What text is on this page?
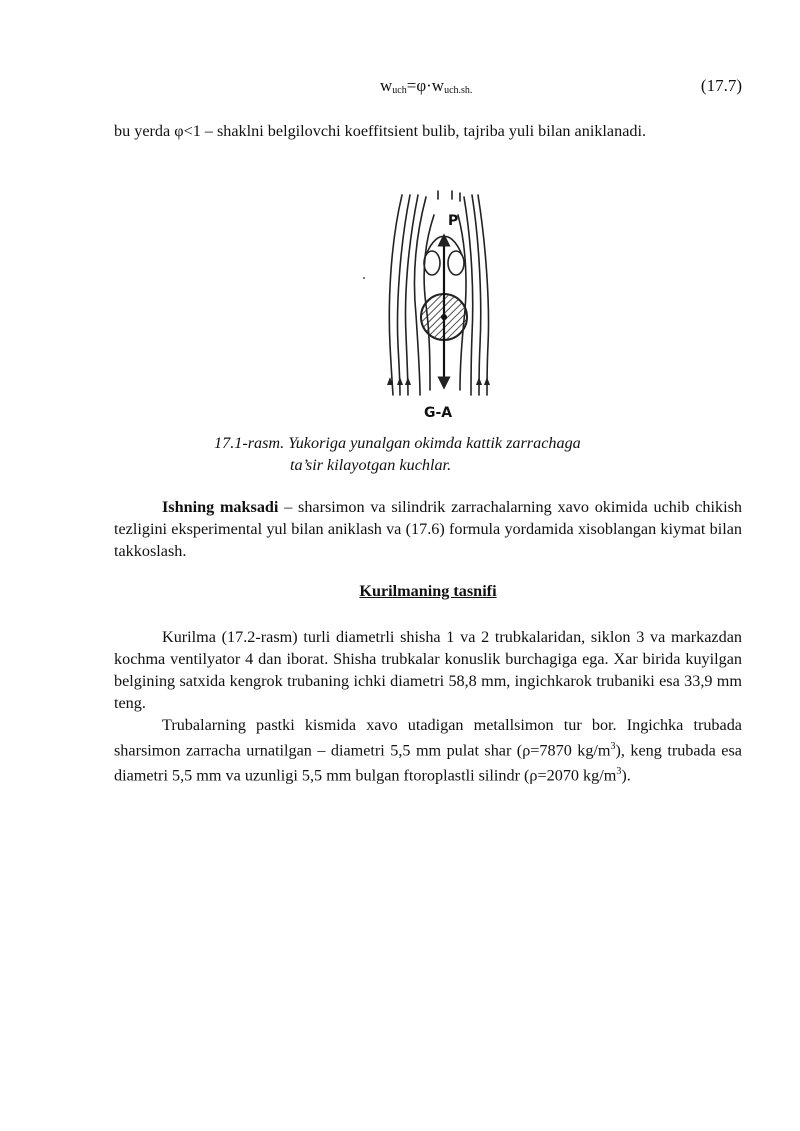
$w_{uch}=\varphi\cdot w_{uch.sh.}$	(17.7)
bu yerda φ<1 – shaklni belgilovchi koeffitsient bulib, tajriba yuli bilan aniklanadi.
P
G-A
17.1-rasm. Yukoriga yunalgan okimda kattik zarrachaga
ta’sir kilayotgan kuchlar.

Ishning maksadi – sharsimon va silindrik zarrachalarning xavo okimida uchib chikish tezligini eksperimental yul bilan aniklash va (17.6) formula yordamida xisoblangan kiymat bilan takkoslash.

Kurilmaning tasnifi

Kurilma (17.2-rasm) turli diametrli shisha 1 va 2 trubkalaridan, siklon 3 va markazdan kochma ventilyator 4 dan iborat. Shisha trubkalar konuslik burchagiga ega. Xar birida kuyilgan belgining satxida kengrok trubaning ichki diametri 58,8 mm, ingichkarok trubaniki esa 33,9 mm teng.

Trubalarning pastki kismida xavo utadigan metallsimon tur bor. Ingichka trubada sharsimon zarracha urnatilgan – diametri 5,5 mm pulat shar (ρ=7870 $kg/m^3$), keng trubada esa diametri 5,5 mm va uzunligi 5,5 mm bulgan ftoroplastli silindr (ρ=2070 $kg/m^3$).
